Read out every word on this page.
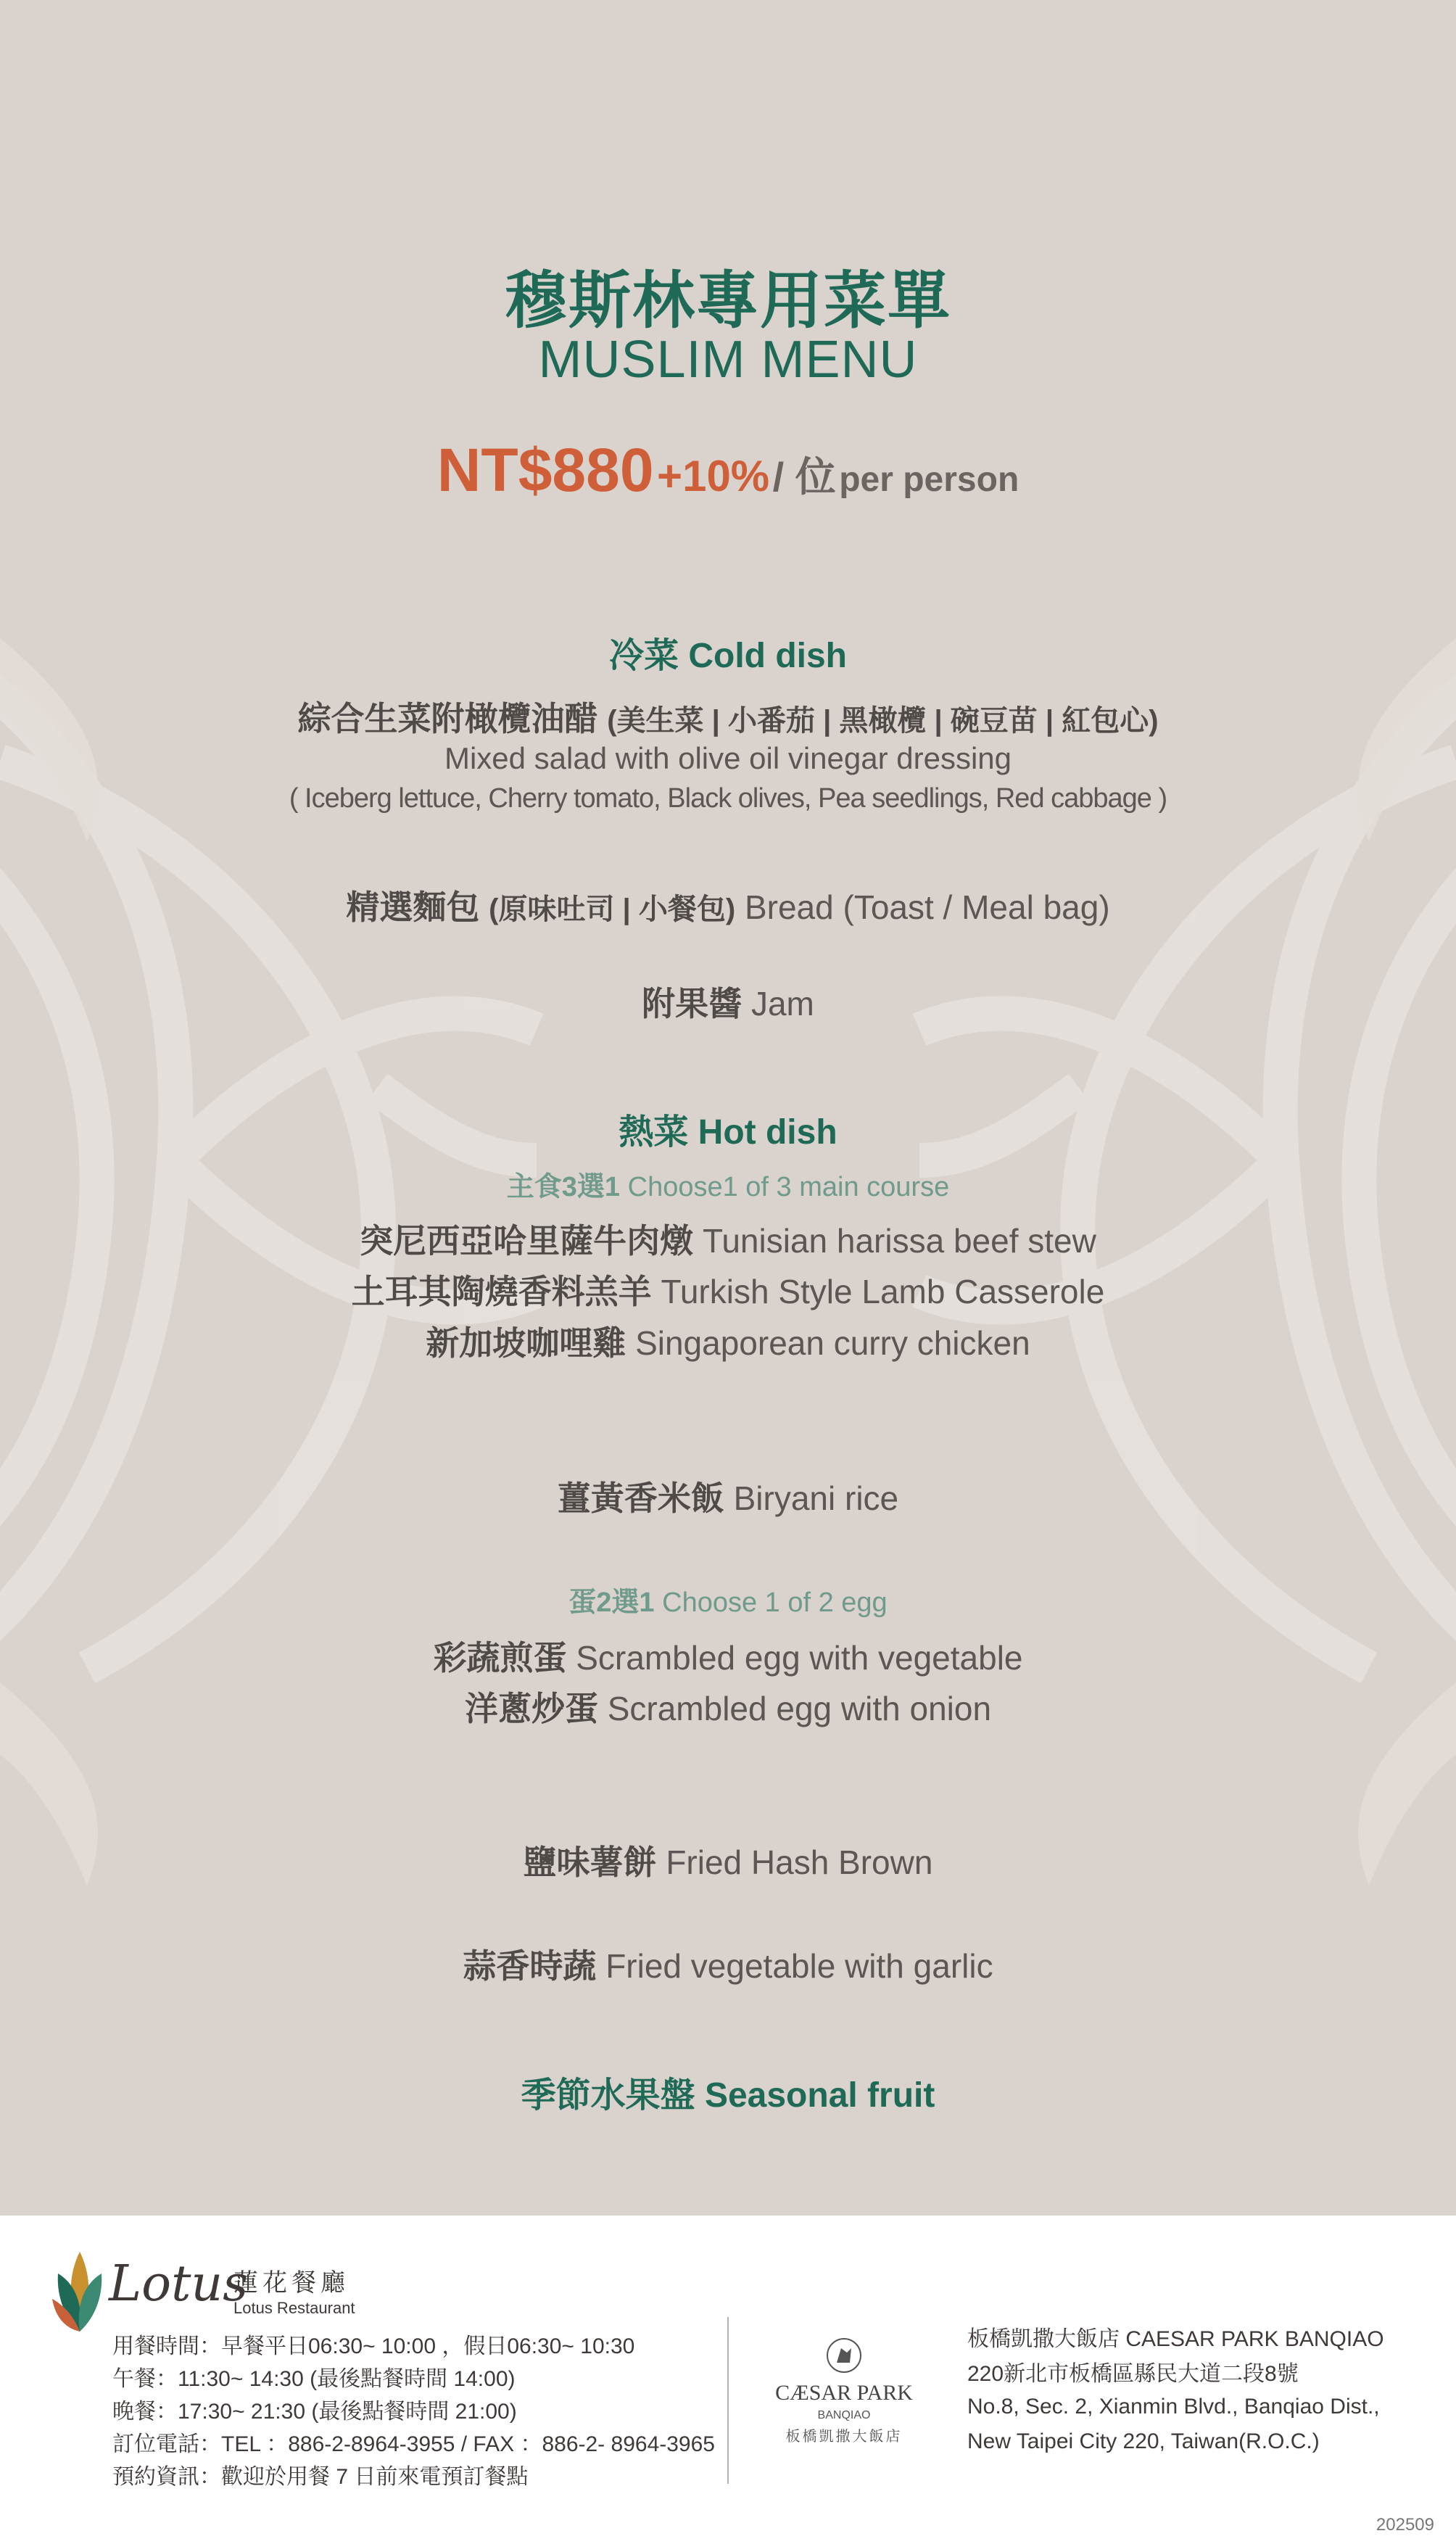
穆斯林專用菜單
MUSLIM MENU
NT$880 +10% / 位 per person
冷菜 Cold dish
綜合生菜附橄欖油醋 (美生菜 | 小番茄 | 黑橄欖 | 碗豆苗 | 紅包心)
Mixed salad with olive oil vinegar dressing
( Iceberg lettuce, Cherry tomato, Black olives, Pea seedlings, Red cabbage )
精選麵包 (原味吐司 | 小餐包) Bread (Toast / Meal bag)
附果醬 Jam
熱菜 Hot dish
主食3選1 Choose1 of 3 main course
突尼西亞哈里薩牛肉燉 Tunisian harissa beef stew
土耳其陶燒香料羔羊 Turkish Style Lamb Casserole
新加坡咖哩雞 Singaporean curry chicken
薑黃香米飯 Biryani rice
蛋2選1 Choose 1 of 2 egg
彩蔬煎蛋 Scrambled egg with vegetable
洋蔥炒蛋 Scrambled egg with onion
鹽味薯餅 Fried Hash Brown
蒜香時蔬 Fried vegetable with garlic
季節水果盤 Seasonal fruit
Lotus
蓮花餐廳
Lotus Restaurant
用餐時間：早餐平日06:30~ 10:00 ，假日06:30~ 10:30
午餐：11:30~ 14:30 (最後點餐時間 14:00)
晚餐：17:30~ 21:30 (最後點餐時間 21:00)
訂位電話：TEL ：886-2-8964-3955 / FAX ：886-2- 8964-3965
預約資訊：歡迎於用餐 7 日前來電預訂餐點
CÆSAR PARK
BANQIAO
板橋凱撒大飯店
板橋凱撒大飯店 CAESAR PARK BANQIAO
220新北市板橋區縣民大道二段8號
No.8, Sec. 2, Xianmin Blvd., Banqiao Dist.,
New Taipei City 220, Taiwan(R.O.C.)
202509
